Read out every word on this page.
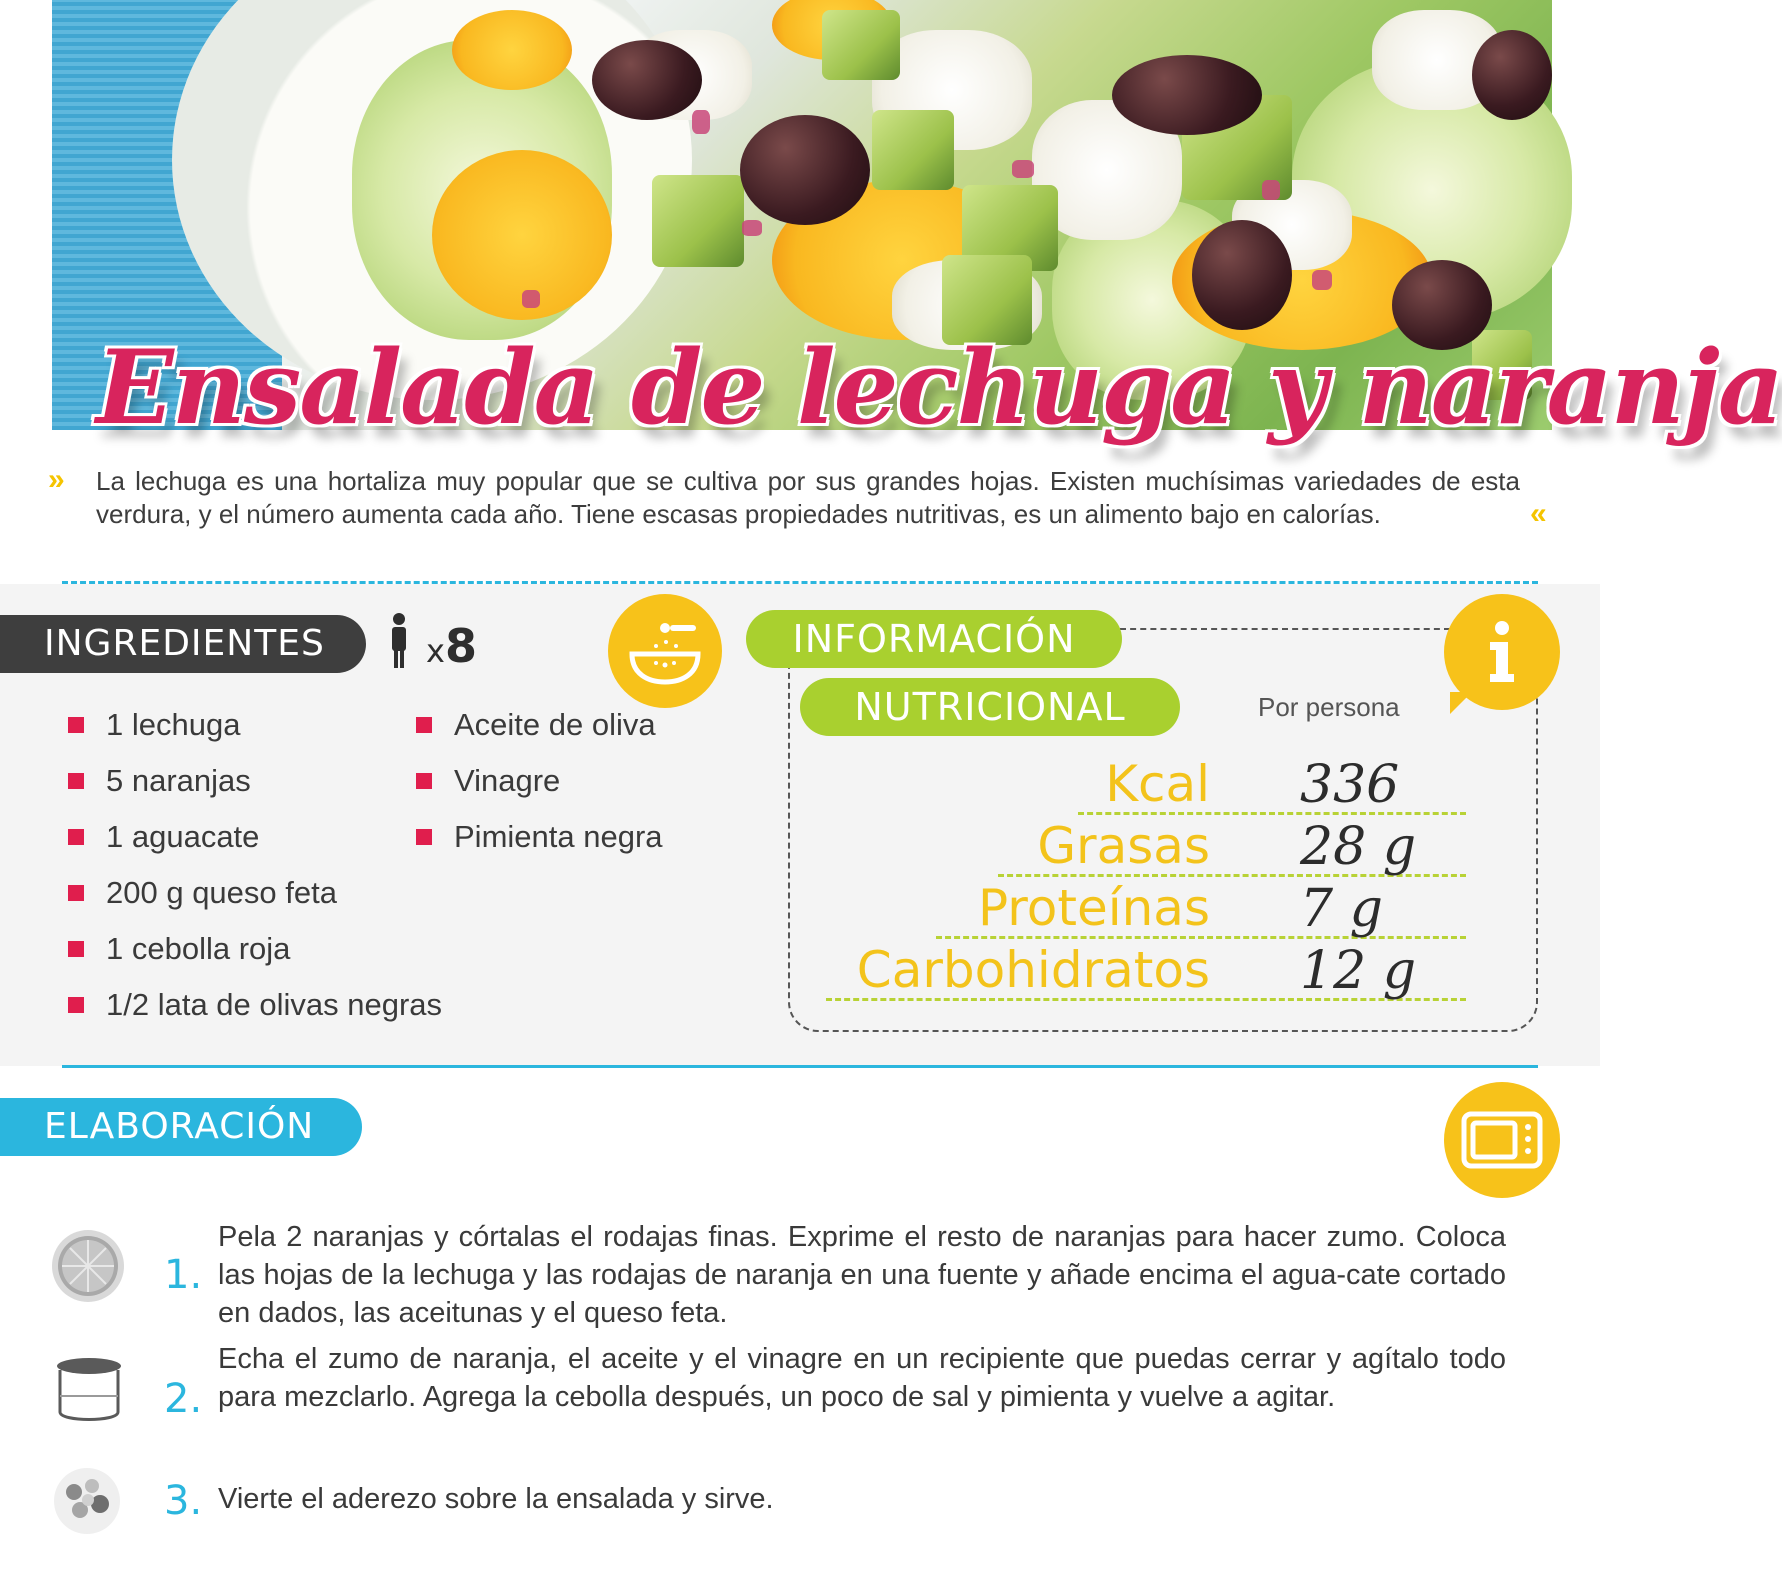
Ensalada de lechuga y naranja
»	La lechuga es una hortaliza muy popular que se cultiva por sus grandes hojas. Existen muchísimas variedades de esta verdura, y el número aumenta cada año. Tiene escasas propiedades nutritivas, es un alimento bajo en calorías.	«
INGREDIENTES	x8
1 lechuga
5 naranjas
1 aguacate
200 g queso feta
1 cebolla roja
1/2 lata de olivas negras
Aceite de oliva
Vinagre
Pimienta negra
INFORMACIÓN
NUTRICIONAL	Por persona
Kcal 336
Grasas 28 g
Proteínas 7 g
Carbohidratos 12 g
ELABORACIÓN
1.

Pela 2 naranjas y córtalas el rodajas finas. Exprime el resto de naranjas para hacer zumo. Coloca las hojas de la lechuga y las rodajas de naranja en una fuente y añade encima el agua-cate cortado en dados, las aceitunas y el queso feta.

2.

Echa el zumo de naranja, el aceite y el vinagre en un recipiente que puedas cerrar y agítalo todo para mezclarlo. Agrega la cebolla después, un poco de sal y pimienta y vuelve a agitar.

3. Vierte el aderezo sobre la ensalada y sirve.
